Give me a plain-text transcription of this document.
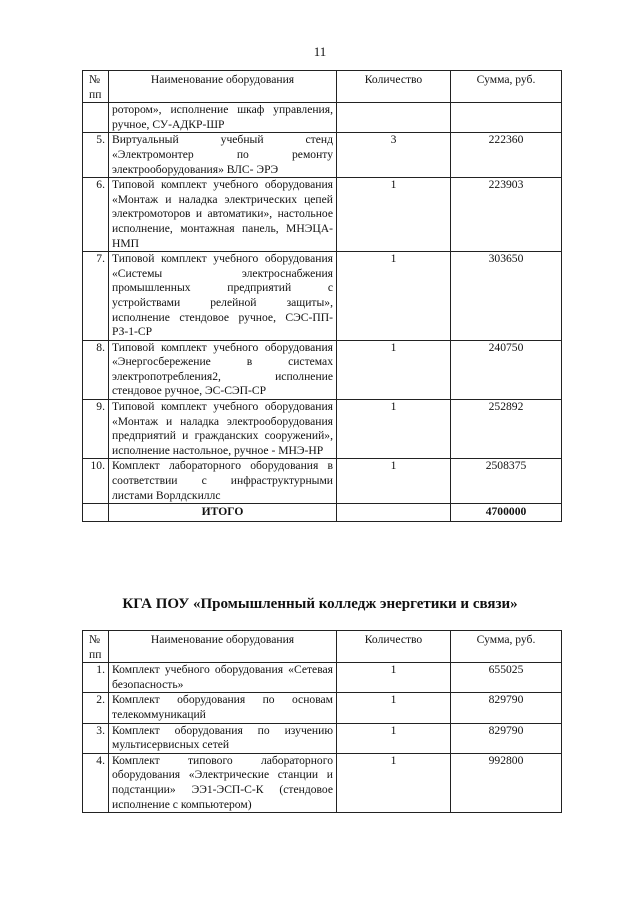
11
№ пп	Наименование оборудования	Количество	Сумма, руб.
	ротором», исполнение шкаф управления, ручное, СУ-АДКР-ШР		
5.	Виртуальный учебный стенд «Электромонтер по ремонту электрооборудования» ВЛС- ЭРЭ	3	222360
6.	Типовой комплект учебного оборудования «Монтаж и наладка электрических цепей электромоторов и автоматики», настольное исполнение, монтажная панель, МНЭЦА-НМП	1	223903
7.	Типовой комплект учебного оборудования «Системы электроснабжения промышленных предприятий с устройствами релейной защиты», исполнение стендовое ручное, СЭС-ПП-РЗ-1-СР	1	303650
8.	Типовой комплект учебного оборудования «Энергосбережение в системах электропотребления2, исполнение стендовое ручное, ЭС-СЭП-СР	1	240750
9.	Типовой комплект учебного оборудования «Монтаж и наладка электрооборудования предприятий и гражданских сооружений», исполнение настольное, ручное - МНЭ-НР	1	252892
10.	Комплект лабораторного оборудования в соответствии с инфраструктурными листами Ворлдскиллс	1	2508375
	ИТОГО		4700000
КГА ПОУ «Промышленный колледж энергетики и связи»
№ пп	Наименование оборудования	Количество	Сумма, руб.
1.	Комплект учебного оборудования «Сетевая безопасность»	1	655025
2.	Комплект оборудования по основам телекоммуникаций	1	829790
3.	Комплект оборудования по изучению мультисервисных сетей	1	829790
4.	Комплект типового лабораторного оборудования «Электрические станции и подстанции» ЭЭ1-ЭСП-С-К (стендовое исполнение с компьютером)	1	992800
